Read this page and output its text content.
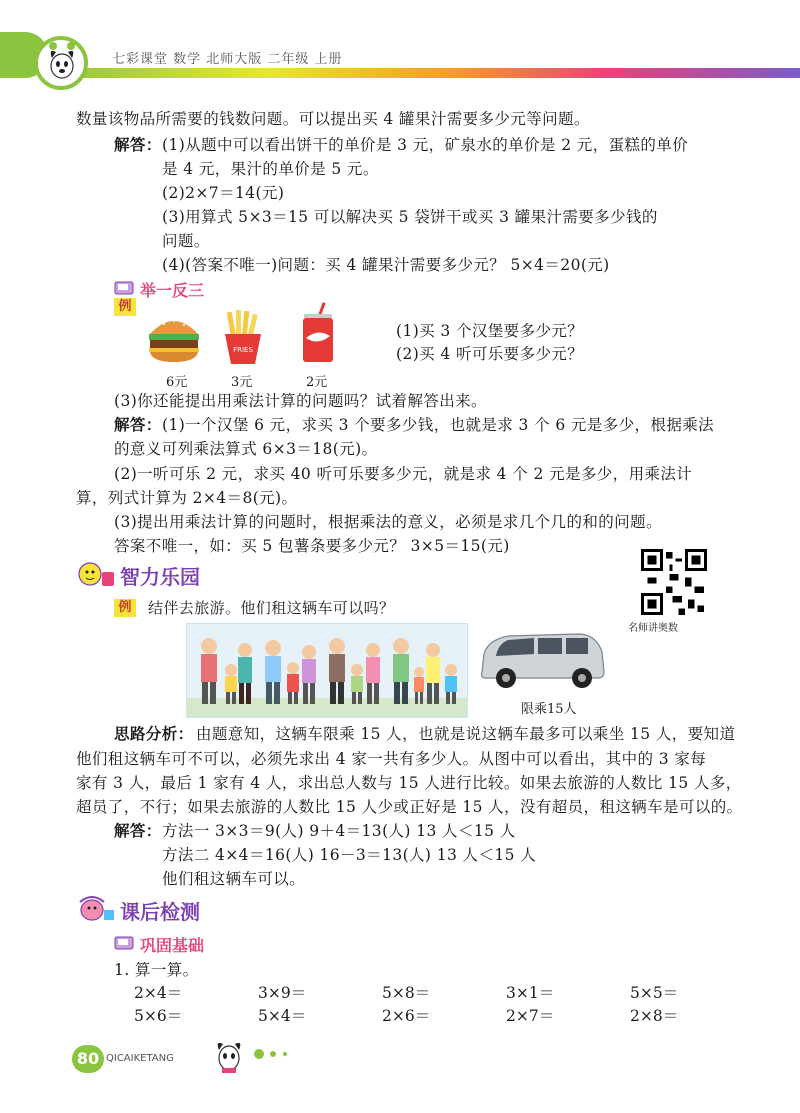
七彩课堂 数学 北师大版 二年级 上册
数量该物品所需要的钱数问题。可以提出买 4 罐果汁需要多少元等问题。
解答： (1)从题中可以看出饼干的单价是 3 元，矿泉水的单价是 2 元，蛋糕的单价
是 4 元，果汁的单价是 5 元。
(2)2×7＝14(元)
(3)用算式 5×3＝15 可以解决买 5 袋饼干或买 3 罐果汁需要多少钱的
问题。
(4)(答案不唯一)问题：买 4 罐果汁需要多少元？ 5×4＝20(元)
举一反三
例
FRIES
6元	3元	2元
(1)买 3 个汉堡要多少元？
(2)买 4 听可乐要多少元？
(3)你还能提出用乘法计算的问题吗？试着解答出来。
解答： (1)一个汉堡 6 元，求买 3 个要多少钱，也就是求 3 个 6 元是多少，根据乘法
的意义可列乘法算式 6×3＝18(元)。
(2)一听可乐 2 元，求买 40 听可乐要多少元，就是求 4 个 2 元是多少，用乘法计
算，列式计算为 2×4＝8(元)。
(3)提出用乘法计算的问题时，根据乘法的意义，必须是求几个几的和的问题。
答案不唯一，如：买 5 包薯条要多少元？ 3×5＝15(元)
智力乐园
名师讲奥数
例	结伴去旅游。他们租这辆车可以吗？
限乘15人
思路分析： 由题意知，这辆车限乘 15 人，也就是说这辆车最多可以乘坐 15 人，要知道
他们租这辆车可不可以，必须先求出 4 家一共有多少人。从图中可以看出，其中的 3 家每
家有 3 人，最后 1 家有 4 人，求出总人数与 15 人进行比较。如果去旅游的人数比 15 人多，
超员了，不行；如果去旅游的人数比 15 人少或正好是 15 人，没有超员，租这辆车是可以的。
解答： 方法一 3×3＝9(人) 9＋4＝13(人) 13 人＜15 人
方法二 4×4＝16(人) 16－3＝13(人) 13 人＜15 人
他们租这辆车可以。
课后检测
巩固基础
1. 算一算。
2×4＝	3×9＝	5×8＝	3×1＝	5×5＝
5×6＝	5×4＝	2×6＝	2×7＝	2×8＝
80 QICAIKETANG
